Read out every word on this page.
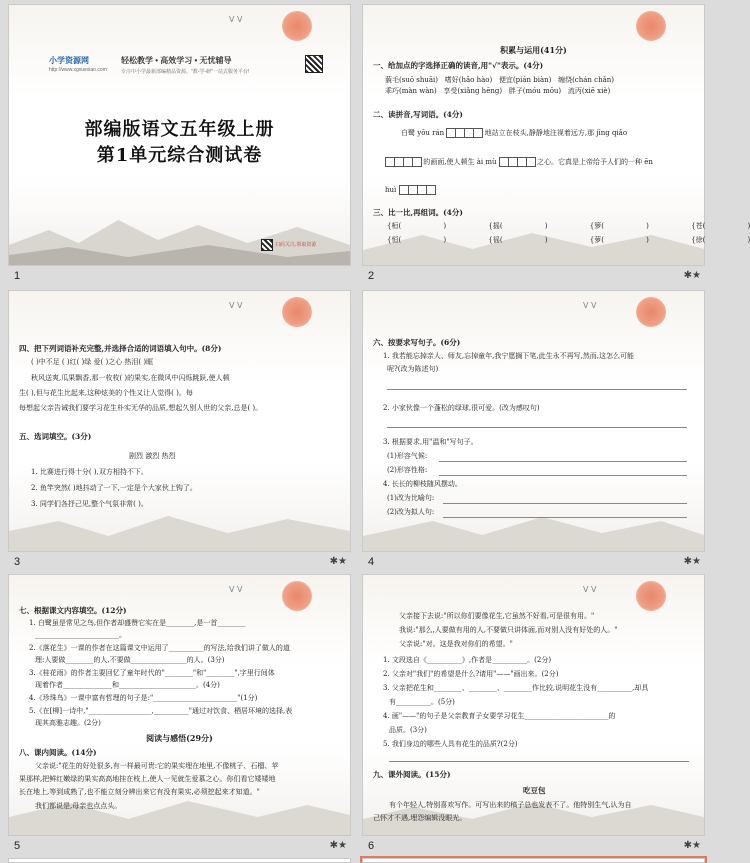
ᐯ ᐯ
小学资源网
http://www.xgxuexiao.com
轻松教学 • 高效学习 • 无忧辅导
专注中小学最新部编精品资源。"教-学-研"一站式服务平台!
部编版语文五年级上册
第1单元综合测试卷
扫码关注,领取资源
1
积累与运用(41分)
一、给加点的字选择正确的读音,用"√"表示。(4分)
藐毛(suō shuāi) 嗜好(hǎo hào) 便宜(pián biàn) 缠绕(chán chǎn)
乖巧(màn wàn) 享受(xiǎng hēng) 胖子(móu mōu) 流丙(xiē xiè)
二、读拼音,写词语。(4分)
白鹭 yōu rán	地站立在枝头,静静地注视着远方,那 jīng qiǎo
的画面,使人顿生 ài mù	之心。它真是上帝给予人们的一种 ēn
huì
三、比一比,再组词。(4分)
{桓( )	{摇( )	{箩( )	{苍( )
{恒( )	{徭( )	{萝( )	{徐( )
2	✱★
ᐯ ᐯ
四、把下列词语补充完整,并选择合适的词语填入句中。(8分)
( )中不足 ( )红( )绿 爱( )之心 热泪( )眶
秋风送爽,瓜果飘香,那一枚枚( )的果实,在微风中闪烁跳跃,使人顿
生( ),但与花生比起来,这种炫美的个性又让人觉得( )。每
每想起父亲告诫我们要学习花生朴实无华的品质,想起久别人世的父亲,总是( )。
五、选词填空。(3分)
剧烈 激烈 热烈
1. 比赛进行得十分( ),双方相持不下。
2. 鱼竿突然( )地抖动了一下,一定是个大家伙上钩了。
3. 同学们各抒己见,整个气氛非常( )。
3	✱★
ᐯ ᐯ
六、按要求写句子。(6分)
1. 我若能忘掉亲人、师友,忘掉童年,我宁愿搁下笔,此生永不再写,然而,这怎么可能
呢?(改为陈述句)
2. 小家伙像一个蓬松的绿球,很可爱。(改为感叹句)
3. 根据要求,用"温和"写句子。
(1)形容气候:
(2)形容性格:
4. 长长的柳枝随风摆动。
(1)改为比喻句:
(2)改为拟人句:
4	✱★
ᐯ ᐯ
七、根据课文内容填空。(12分)
1. 白鹭虽是常见之鸟,但作者却盛赞它实在是________,是一首________
________________________。
2.《落花生》一课的作者在这篇课文中运用了__________的写法,给我们讲了做人的道
理:人要做________的人,不要做________________的人。(3分)
3.《桂花雨》的作者主要回忆了童年时代的"________"和"________",字里行间体
现着作者______________和______________________。(4分)
4.《珍珠鸟》一课中富有哲理的句子是:"________________________"(1分)
5.《在[柳]一诗中,"__________________,__________"通过对饮食、栖居环境的选择,表
现其高雅志趣。(2分)
阅读与感悟(29分)
八、课内阅读。(14分)
父亲说:"花生的好处很多,有一样最可贵:它的果实埋在地里,不像桃子、石榴、苹
果那样,把鲜红嫩绿的果实高高地挂在枝上,使人一见就生爱慕之心。你们看它矮矮地
长在地上,等到成熟了,也不能立刻分辨出来它有没有果实,必须挖起来才知道。"
我们都说是,母亲也点点头。
5	✱★
ᐯ ᐯ
父亲接下去说:"所以你们要像花生,它虽然不好看,可是很有用。"
我说:"那么,人要做有用的人,不要做只讲体面,而对别人没有好处的人。"
父亲说:"对。这是我对你们的希望。"
1. 文段选自《__________》,作者是__________。(2分)
2. 父亲对"我们"的希望是什么?请用"——"画出来。(2分)
3. 父亲把花生和________、________、________作比较,说明花生没有__________,却具
有__________。(5分)
4. 画"——"的句子是父亲教育子女要学习花生________________________的
品质。(3分)
5. 我们身边的哪些人具有花生的品质?(2分)
九、课外阅读。(15分)
吃豆包
有个年轻人,特别喜欢写作。可写出来的稿子总也发表不了。他特别生气,认为自
己怀才不遇,埋怨编辑没眼光。
6	✱★
